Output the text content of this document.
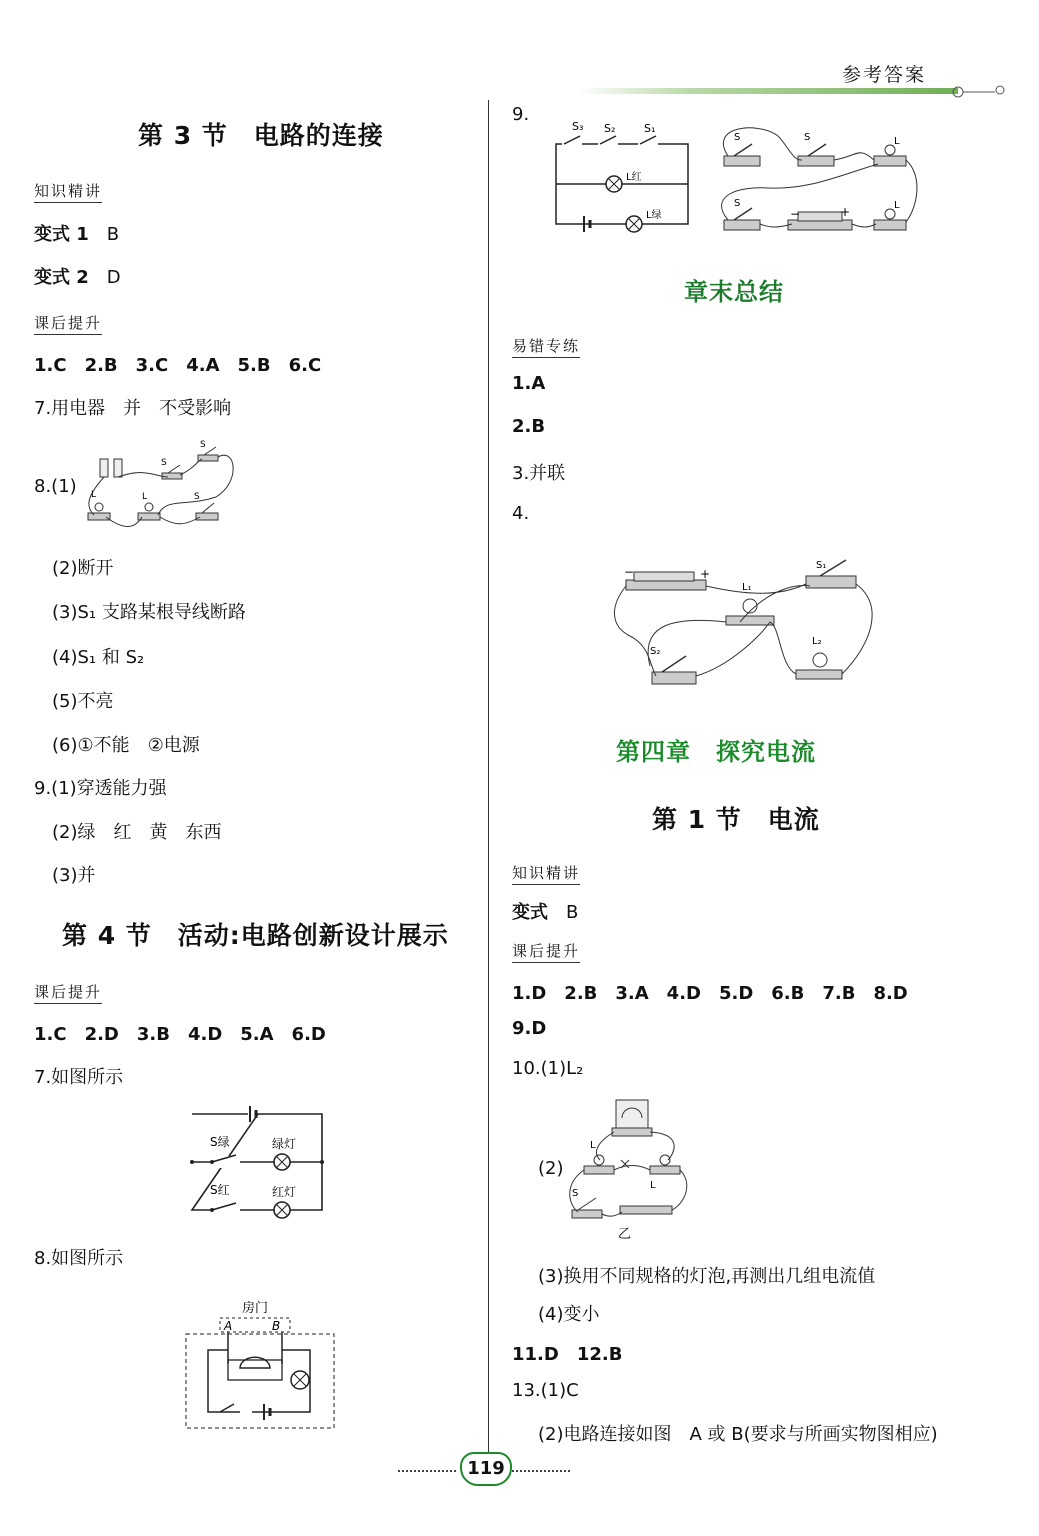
参考答案
第 3 节　电路的连接
知识精讲
变式 1　 B
变式 2　 D
课后提升
1.C　2.B　3.C　4.A　5.B　6.C
7.用电器　并　不受影响
8.(1)
S
S
L	L	S
(2)断开
(3)S₁ 支路某根导线断路
(4)S₁ 和 S₂
(5)不亮
(6)①不能　②电源
9.(1)穿透能力强
(2)绿　红　黄　东西
(3)并
第 4 节　活动:电路创新设计展示
课后提升
1.C　2.D　3.B　4.D　5.A　6.D
7.如图所示
S绿	绿灯
S红	红灯
8.如图所示
房门
A	B
9.
S₃ S₂	S₁
L红
L绿
S	S	L
S	L
−	+
章末总结
易错专练
1.A
2.B
3.并联
4.
−	+
S₁
L₁
S₂
L₂
第四章　探究电流
第 1 节　电流
知识精讲
变式　 B
课后提升
1.D　2.B　3.A　4.D　5.D　6.B　7.B　8.D
9.D
10.(1)L₂
(2)
L
L
S
乙
(3)换用不同规格的灯泡,再测出几组电流值
(4)变小
11.D　12.B
13.(1)C
(2)电路连接如图　A 或 B(要求与所画实物图相应)
119
